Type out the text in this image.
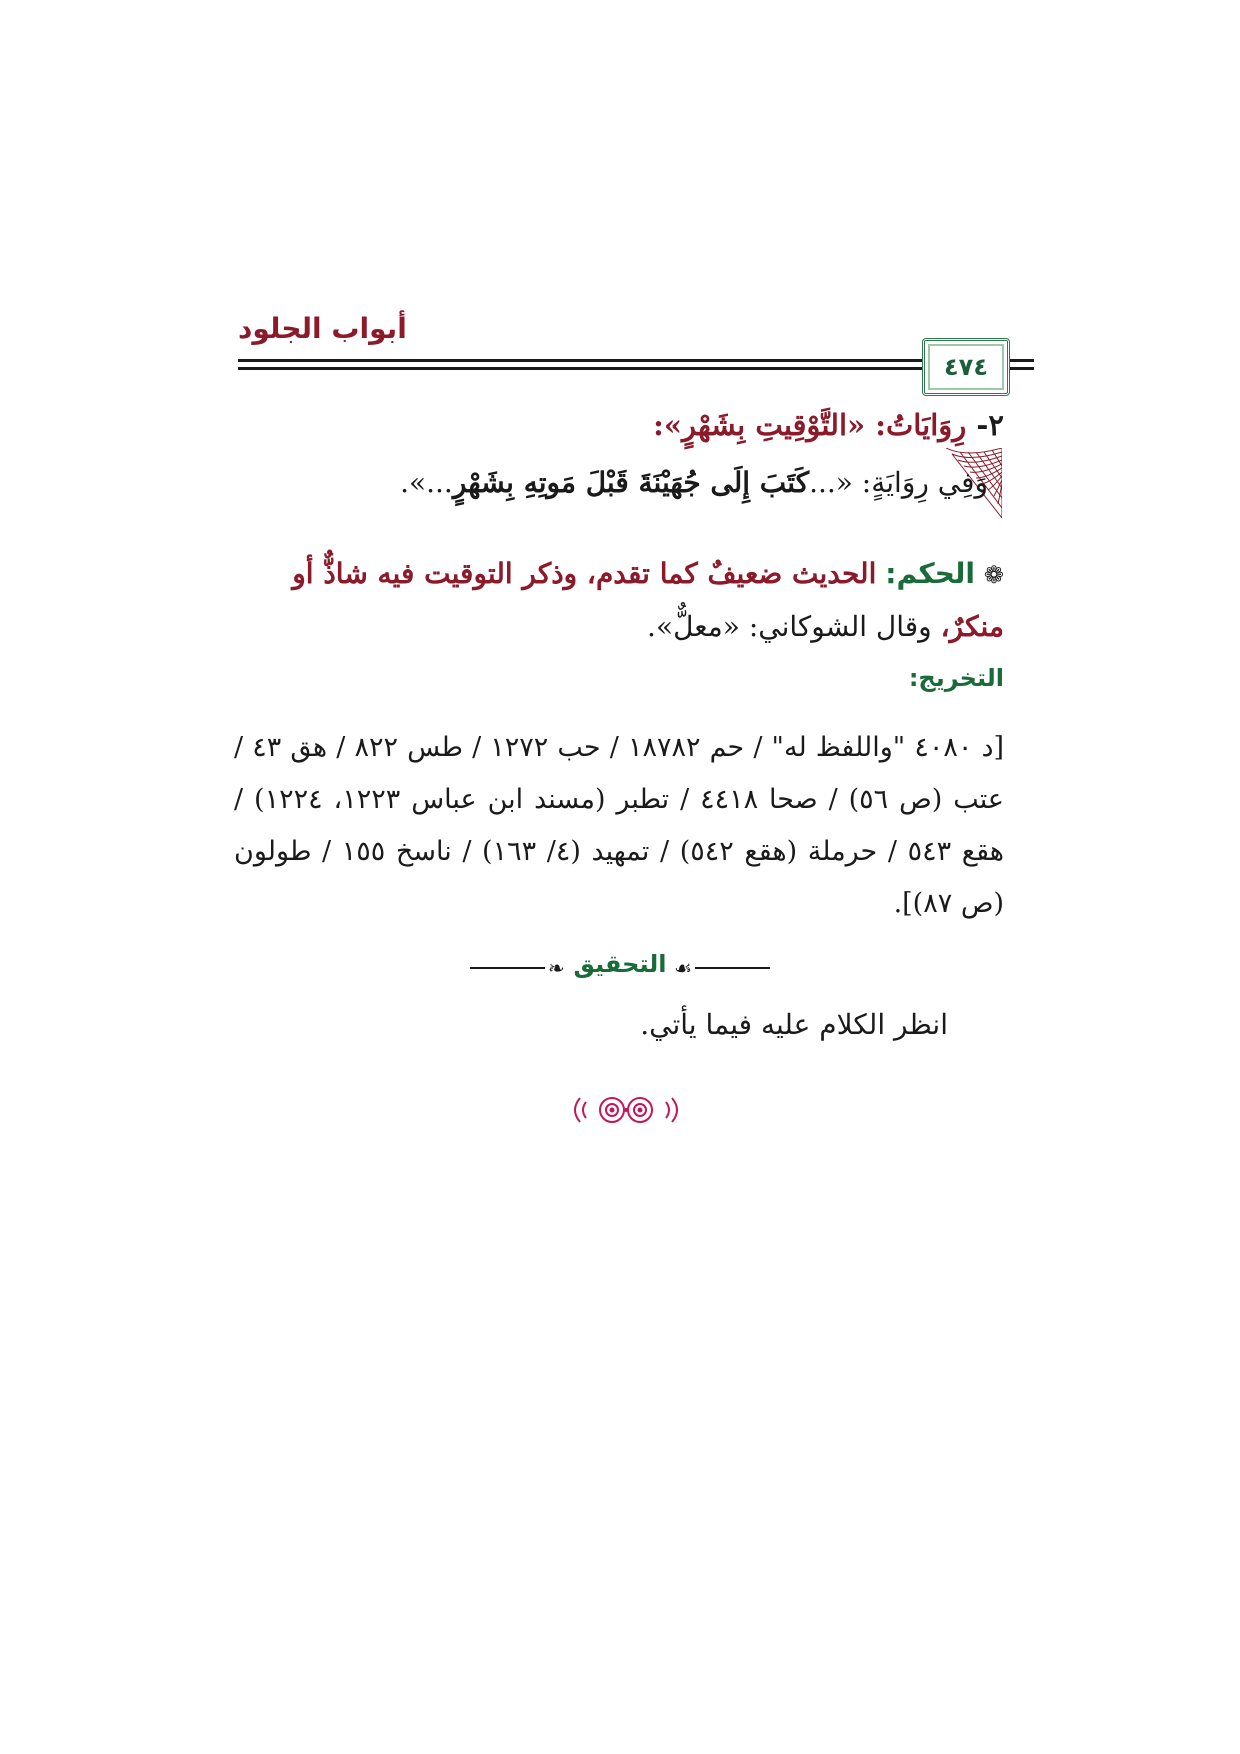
أبواب الجلود
٤٧٤
٢- رِوَايَاتُ: «التَّوْقِيتِ بِشَهْرٍ»:
وَفِي رِوَايَةٍ: «...كَتَبَ إِلَى جُهَيْنَةَ قَبْلَ مَوتِهِ بِشَهْرٍ...».
❁ الحكم: الحديث ضعيفٌ كما تقدم، وذكر التوقيت فيه شاذٌّ أو منكرٌ، وقال الشوكاني: «معلٌّ».
التخريج:
[د ٤٠٨٠ "واللفظ له" / حم ١٨٧٨٢ / حب ١٢٧٢ / طس ٨٢٢ / هق ٤٣ / عتب (ص ٥٦) / صحا ٤٤١٨ / تطبر (مسند ابن عباس ١٢٢٣، ١٢٢٤) / هقع ٥٤٣ / حرملة (هقع ٥٤٢) / تمهيد (٤/ ١٦٣) / ناسخ ١٥٥ / طولون (ص ٨٧)].
❧ التحقيق ☙
انظر الكلام عليه فيما يأتي.
